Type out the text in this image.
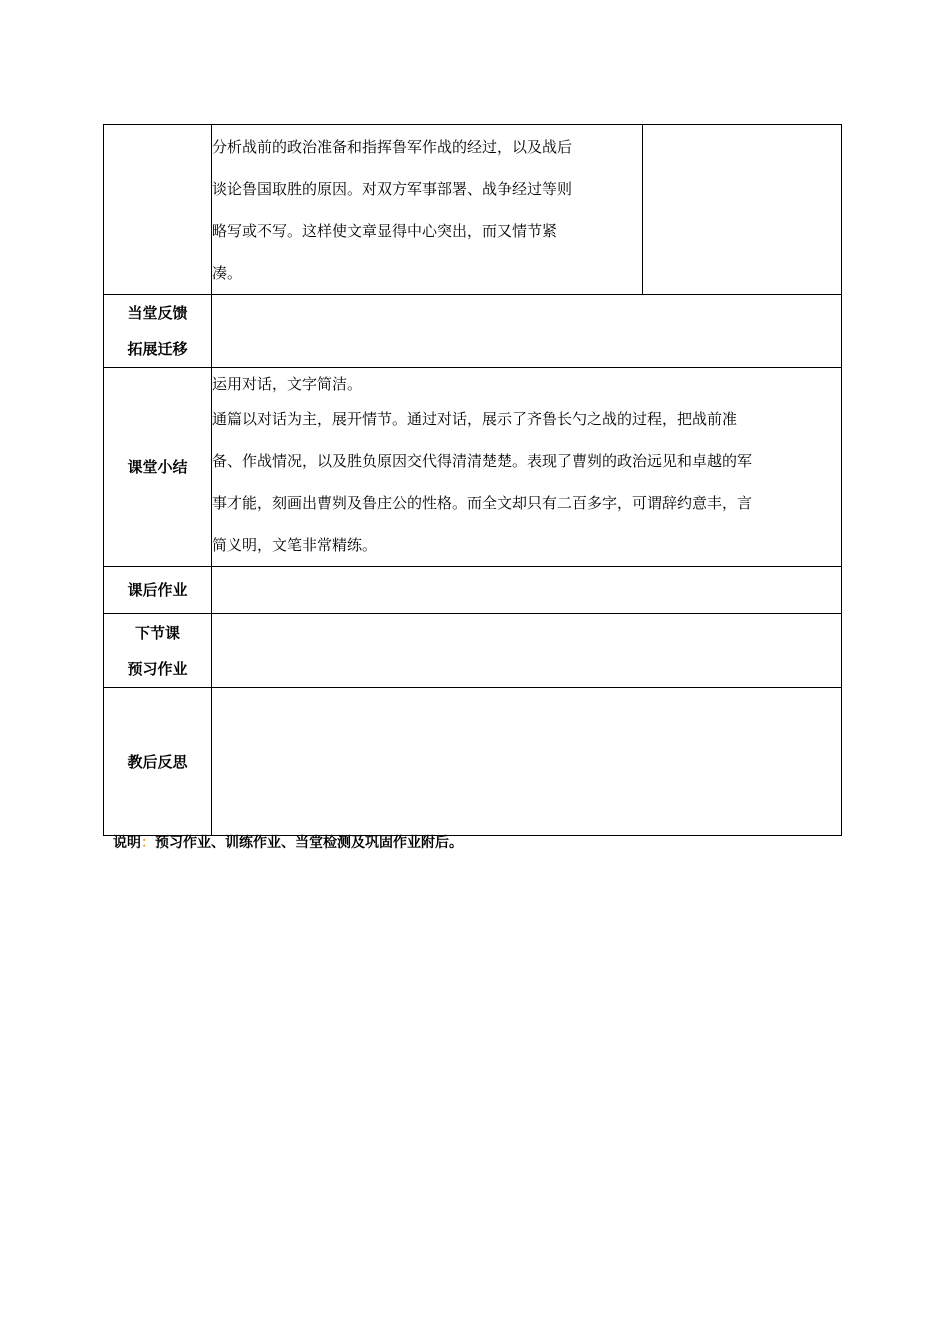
	分析战前的政治准备和指挥鲁军作战的经过，以及战后
谈论鲁国取胜的原因。对双方军事部署、战争经过等则
略写或不写。这样使文章显得中心突出，而又情节紧
凑。	

当堂反馈
拓展迁移		

课堂小结	运用对话，文字简洁。
通篇以对话为主，展开情节。通过对话，展示了齐鲁长勺之战的过程，把战前准
备、作战情况，以及胜负原因交代得清清楚楚。表现了曹刿的政治远见和卓越的军
事才能，刻画出曹刿及鲁庄公的性格。而全文却只有二百多字，可谓辞约意丰，言
简义明，文笔非常精练。	

课后作业		

下节课
预习作业		

教后反思		
说明：预习作业、训练作业、当堂检测及巩固作业附后。
